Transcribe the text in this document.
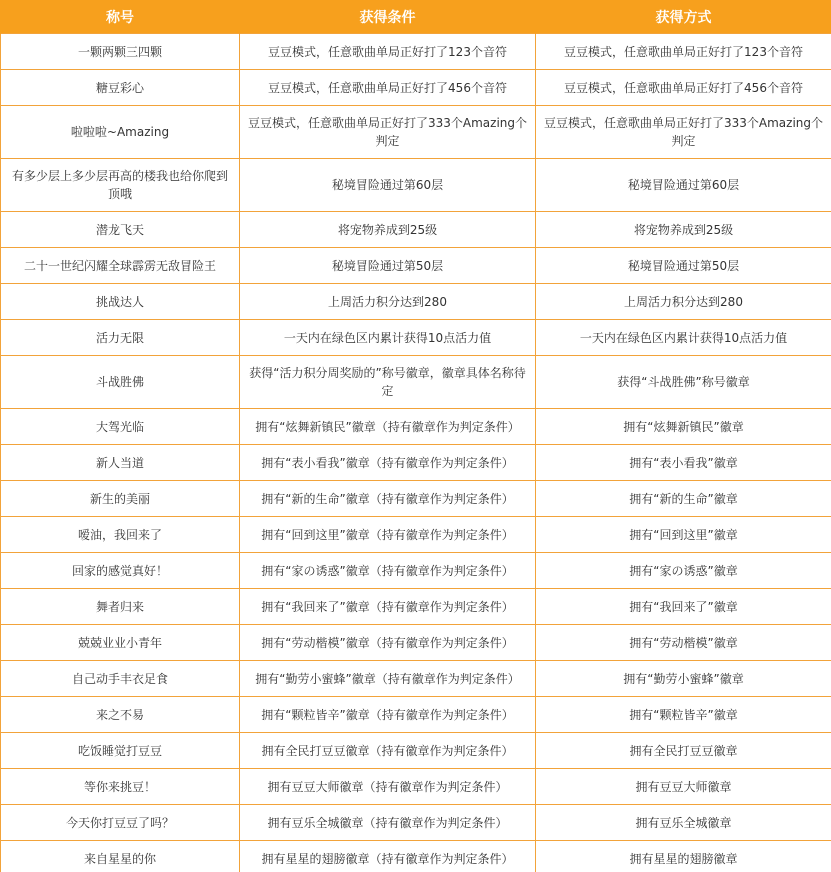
称号	获得条件	获得方式
一颗两颗三四颗	豆豆模式，任意歌曲单局正好打了123个音符	豆豆模式，任意歌曲单局正好打了123个音符
糖豆彩心	豆豆模式，任意歌曲单局正好打了456个音符	豆豆模式，任意歌曲单局正好打了456个音符
啦啦啦~Amazing	豆豆模式，任意歌曲单局正好打了333个Amazing个判定	豆豆模式，任意歌曲单局正好打了333个Amazing个判定
有多少层上多少层再高的楼我也给你爬到顶哦	秘境冒险通过第60层	秘境冒险通过第60层
潜龙飞天	将宠物养成到25级	将宠物养成到25级
二十一世纪闪耀全球霹雳无敌冒险王	秘境冒险通过第50层	秘境冒险通过第50层
挑战达人	上周活力积分达到280	上周活力积分达到280
活力无限	一天内在绿色区内累计获得10点活力值	一天内在绿色区内累计获得10点活力值
斗战胜佛	获得“活力积分周奖励的”称号徽章，徽章具体名称待定	获得“斗战胜佛”称号徽章
大驾光临	拥有“炫舞新镇民”徽章（持有徽章作为判定条件）	拥有“炫舞新镇民”徽章
新人当道	拥有“表小看我”徽章（持有徽章作为判定条件）	拥有“表小看我”徽章
新生的美丽	拥有“新的生命”徽章（持有徽章作为判定条件）	拥有“新的生命”徽章
嗳油，我回来了	拥有“回到这里”徽章（持有徽章作为判定条件）	拥有“回到这里”徽章
回家的感觉真好！	拥有“家の诱惑”徽章（持有徽章作为判定条件）	拥有“家の诱惑”徽章
舞者归来	拥有“我回来了”徽章（持有徽章作为判定条件）	拥有“我回来了”徽章
兢兢业业小青年	拥有“劳动楷模”徽章（持有徽章作为判定条件）	拥有“劳动楷模”徽章
自己动手丰衣足食	拥有“勤劳小蜜蜂”徽章（持有徽章作为判定条件）	拥有“勤劳小蜜蜂”徽章
来之不易	拥有“颗粒皆辛”徽章（持有徽章作为判定条件）	拥有“颗粒皆辛”徽章
吃饭睡觉打豆豆	拥有全民打豆豆徽章（持有徽章作为判定条件）	拥有全民打豆豆徽章
等你来挑豆！	拥有豆豆大师徽章（持有徽章作为判定条件）	拥有豆豆大师徽章
今天你打豆豆了吗？	拥有豆乐全城徽章（持有徽章作为判定条件）	拥有豆乐全城徽章
来自星星的你	拥有星星的翅膀徽章（持有徽章作为判定条件）	拥有星星的翅膀徽章
